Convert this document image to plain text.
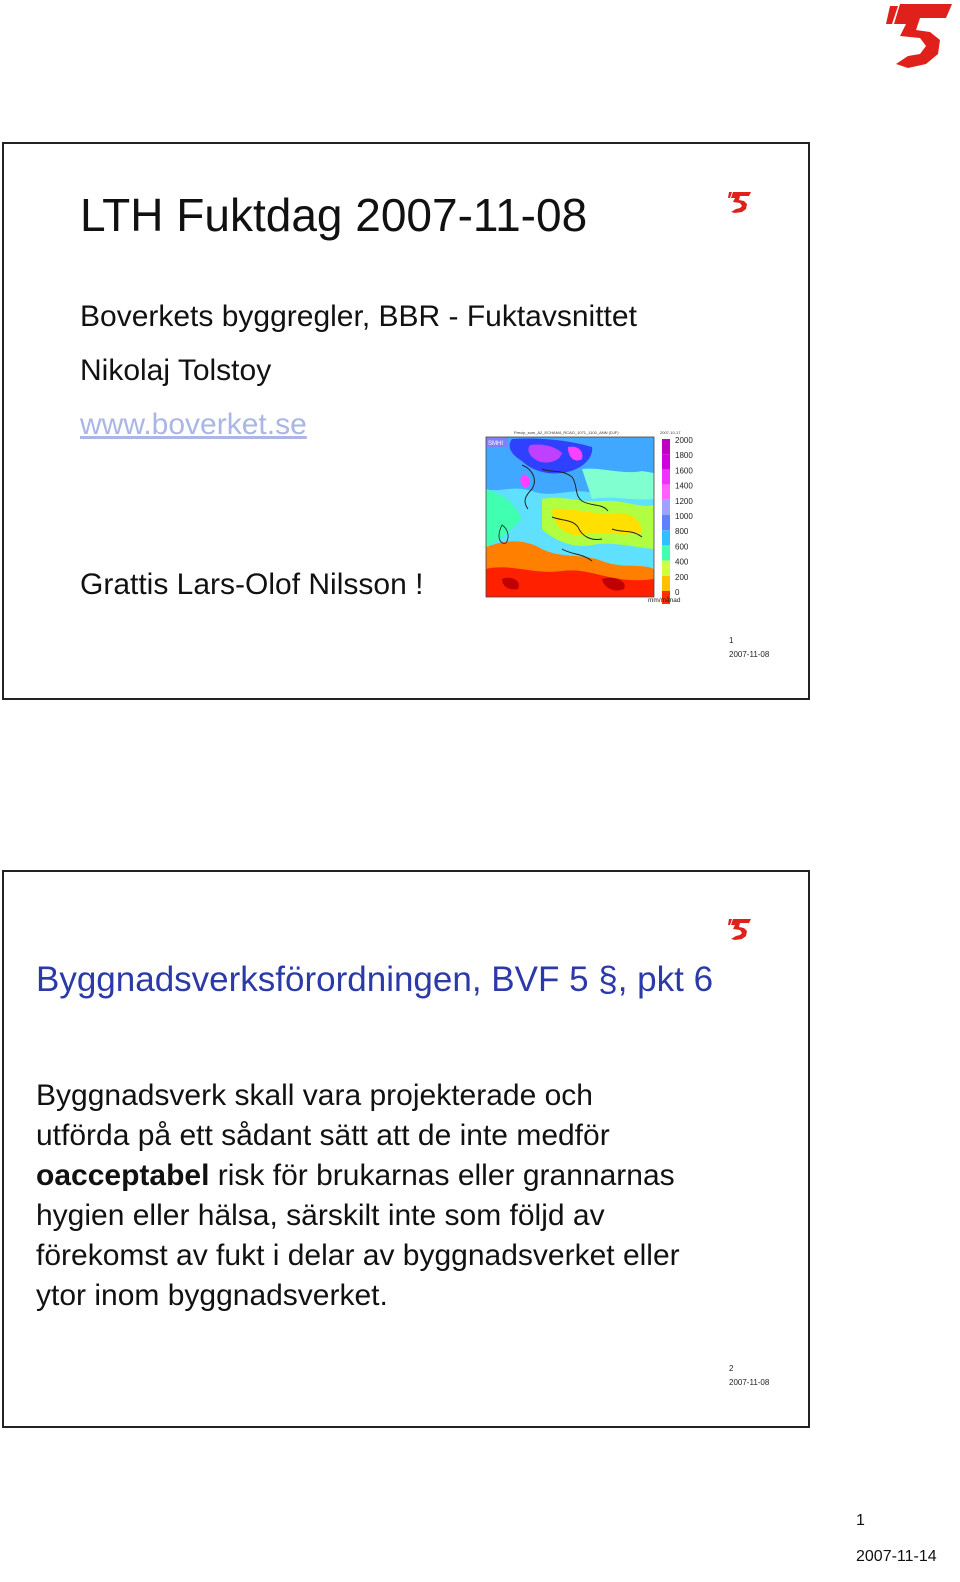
LTH Fuktdag 2007-11-08
Boverkets byggregler, BBR - Fuktavsnittet
Nikolaj Tolstoy
www.boverket.se
Grattis Lars-Olof Nilsson !
Precip_sum_A2_ECHAM4_RCAO_1071_1100_ANN (DJF)	2007-10-17
SMHI	2000
1800
1600
1400
1200
1000
800
600
400
200
0
mm/månad
1
2007-11-08
Byggnadsverksförordningen, BVF 5 §, pkt 6
Byggnadsverk skall vara projekterade och
utförda på ett sådant sätt att de inte medför
oacceptabel risk för brukarnas eller grannarnas
hygien eller hälsa, särskilt inte som följd av
förekomst av fukt i delar av byggnadsverket eller
ytor inom byggnadsverket.
2
2007-11-08
1
2007-11-14
